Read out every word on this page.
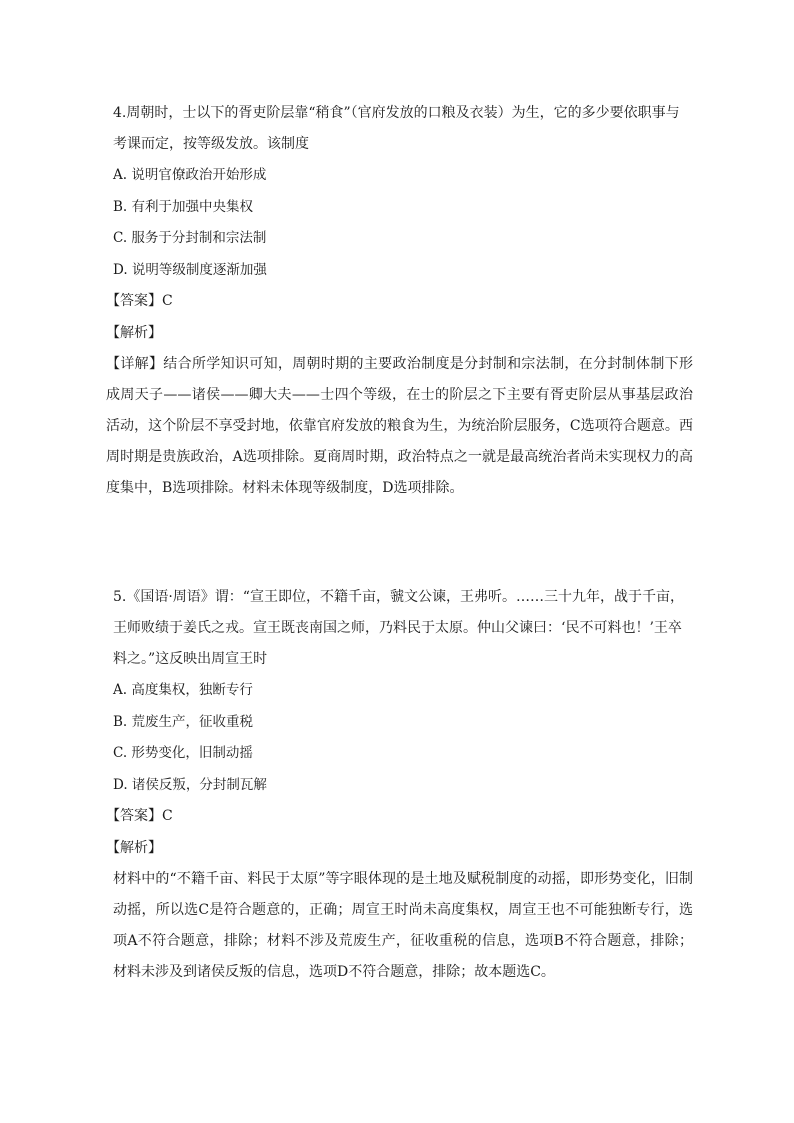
4.周朝时，士以下的胥吏阶层靠“稍食”（官府发放的口粮及衣装）为生，它的多少要依职事与考课而定，按等级发放。该制度

A. 说明官僚政治开始形成

B. 有利于加强中央集权

C. 服务于分封制和宗法制

D. 说明等级制度逐渐加强

【答案】C

【解析】

【详解】结合所学知识可知，周朝时期的主要政治制度是分封制和宗法制，在分封制体制下形成周天子——诸侯——卿大夫——士四个等级，在士的阶层之下主要有胥吏阶层从事基层政治活动，这个阶层不享受封地，依靠官府发放的粮食为生，为统治阶层服务，C选项符合题意。西周时期是贵族政治，A选项排除。夏商周时期，政治特点之一就是最高统治者尚未实现权力的高度集中，B选项排除。材料未体现等级制度，D选项排除。

5.《国语·周语》谓：“宣王即位，不籍千亩，虢文公谏，王弗听。……三十九年，战于千亩，王师败绩于姜氏之戎。宣王既丧南国之师，乃料民于太原。仲山父谏曰：‘民不可料也！’王卒料之。”这反映出周宣王时

A. 高度集权，独断专行

B. 荒废生产，征收重税

C. 形势变化，旧制动摇

D. 诸侯反叛，分封制瓦解

【答案】C

【解析】

材料中的“不籍千亩、料民于太原”等字眼体现的是土地及赋税制度的动摇，即形势变化，旧制动摇，所以选C是符合题意的，正确；周宣王时尚未高度集权，周宣王也不可能独断专行，选项A不符合题意，排除；材料不涉及荒废生产，征收重税的信息，选项B不符合题意，排除；材料未涉及到诸侯反叛的信息，选项D不符合题意，排除；故本题选C。
